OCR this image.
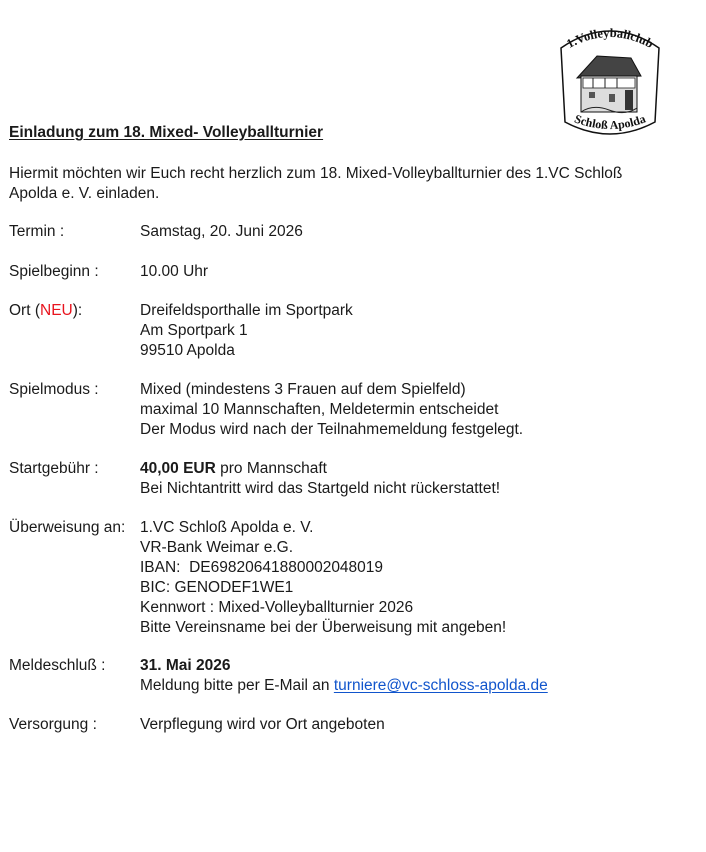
1.Volleyballclub
Schloß Apolda
Einladung zum 18. Mixed- Volleyballturnier
Hiermit möchten wir Euch recht herzlich zum 18. Mixed-Volleyballturnier des 1.VC Schloß
Apolda e. V. einladen.
Termin :	Samstag, 20. Juni 2026
Spielbeginn :	10.00 Uhr
Ort (NEU):	Dreifeldsporthalle im Sportpark
Am Sportpark 1
99510 Apolda
Spielmodus :	Mixed (mindestens 3 Frauen auf dem Spielfeld)
maximal 10 Mannschaften, Meldetermin entscheidet
Der Modus wird nach der Teilnahmemeldung festgelegt.
Startgebühr :	40,00 EUR pro Mannschaft
Bei Nichtantritt wird das Startgeld nicht rückerstattet!
Überweisung an: 1.VC Schloß Apolda e. V.
VR-Bank Weimar e.G.
IBAN:  DE69820641880002048019
BIC: GENODEF1WE1
Kennwort : Mixed-Volleyballturnier 2026
Bitte Vereinsname bei der Überweisung mit angeben!
Meldeschluß : 31. Mai 2026
Meldung bitte per E-Mail an turniere@vc-schloss-apolda.de
Versorgung :	Verpflegung wird vor Ort angeboten
